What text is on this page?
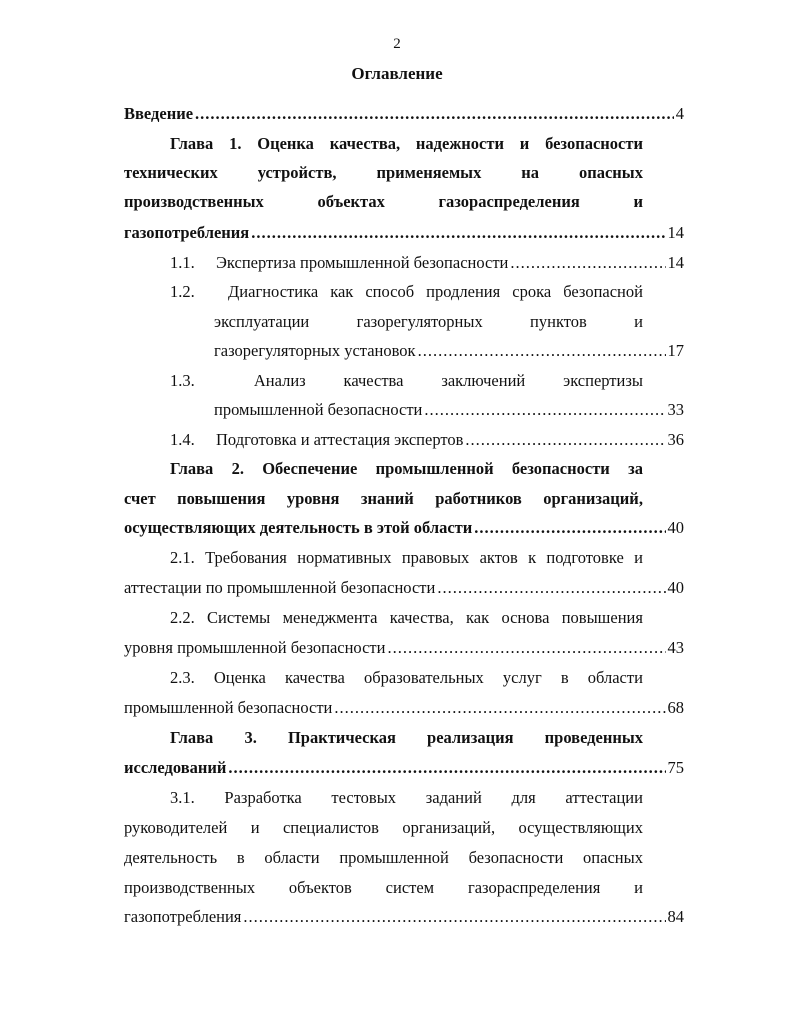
2
Оглавление
Введение .....	4
Глава 1. Оценка качества, надежности и безопасности
технических устройств, применяемых на опасных
производственных	объектах	газораспределения	и
газопотребления .....	14
1.1.	Экспертиза промышленной безопасности .....	14
1.2.	Диагностика как способ продления срока безопасной
эксплуатации	газорегуляторных	пунктов	и
газорегуляторных установок .....	17
1.3.	Анализ качества заключений экспертизы
промышленной безопасности .....	33
1.4.	Подготовка и аттестация экспертов .....	36
Глава 2. Обеспечение промышленной безопасности за
счет повышения уровня знаний работников организаций,
осуществляющих деятельность в этой области .....	40
2.1. Требования нормативных правовых актов к подготовке и
аттестации по промышленной безопасности .....	40
2.2. Системы менеджмента качества, как основа повышения
уровня промышленной безопасности .....	43
2.3. Оценка качества образовательных услуг в области
промышленной безопасности .....	68
Глава 3. Практическая реализация проведенных
исследований .....	75
3.1. Разработка тестовых заданий для аттестации
руководителей и специалистов организаций, осуществляющих
деятельность в области промышленной безопасности опасных
производственных объектов систем газораспределения и
газопотребления .....	84
